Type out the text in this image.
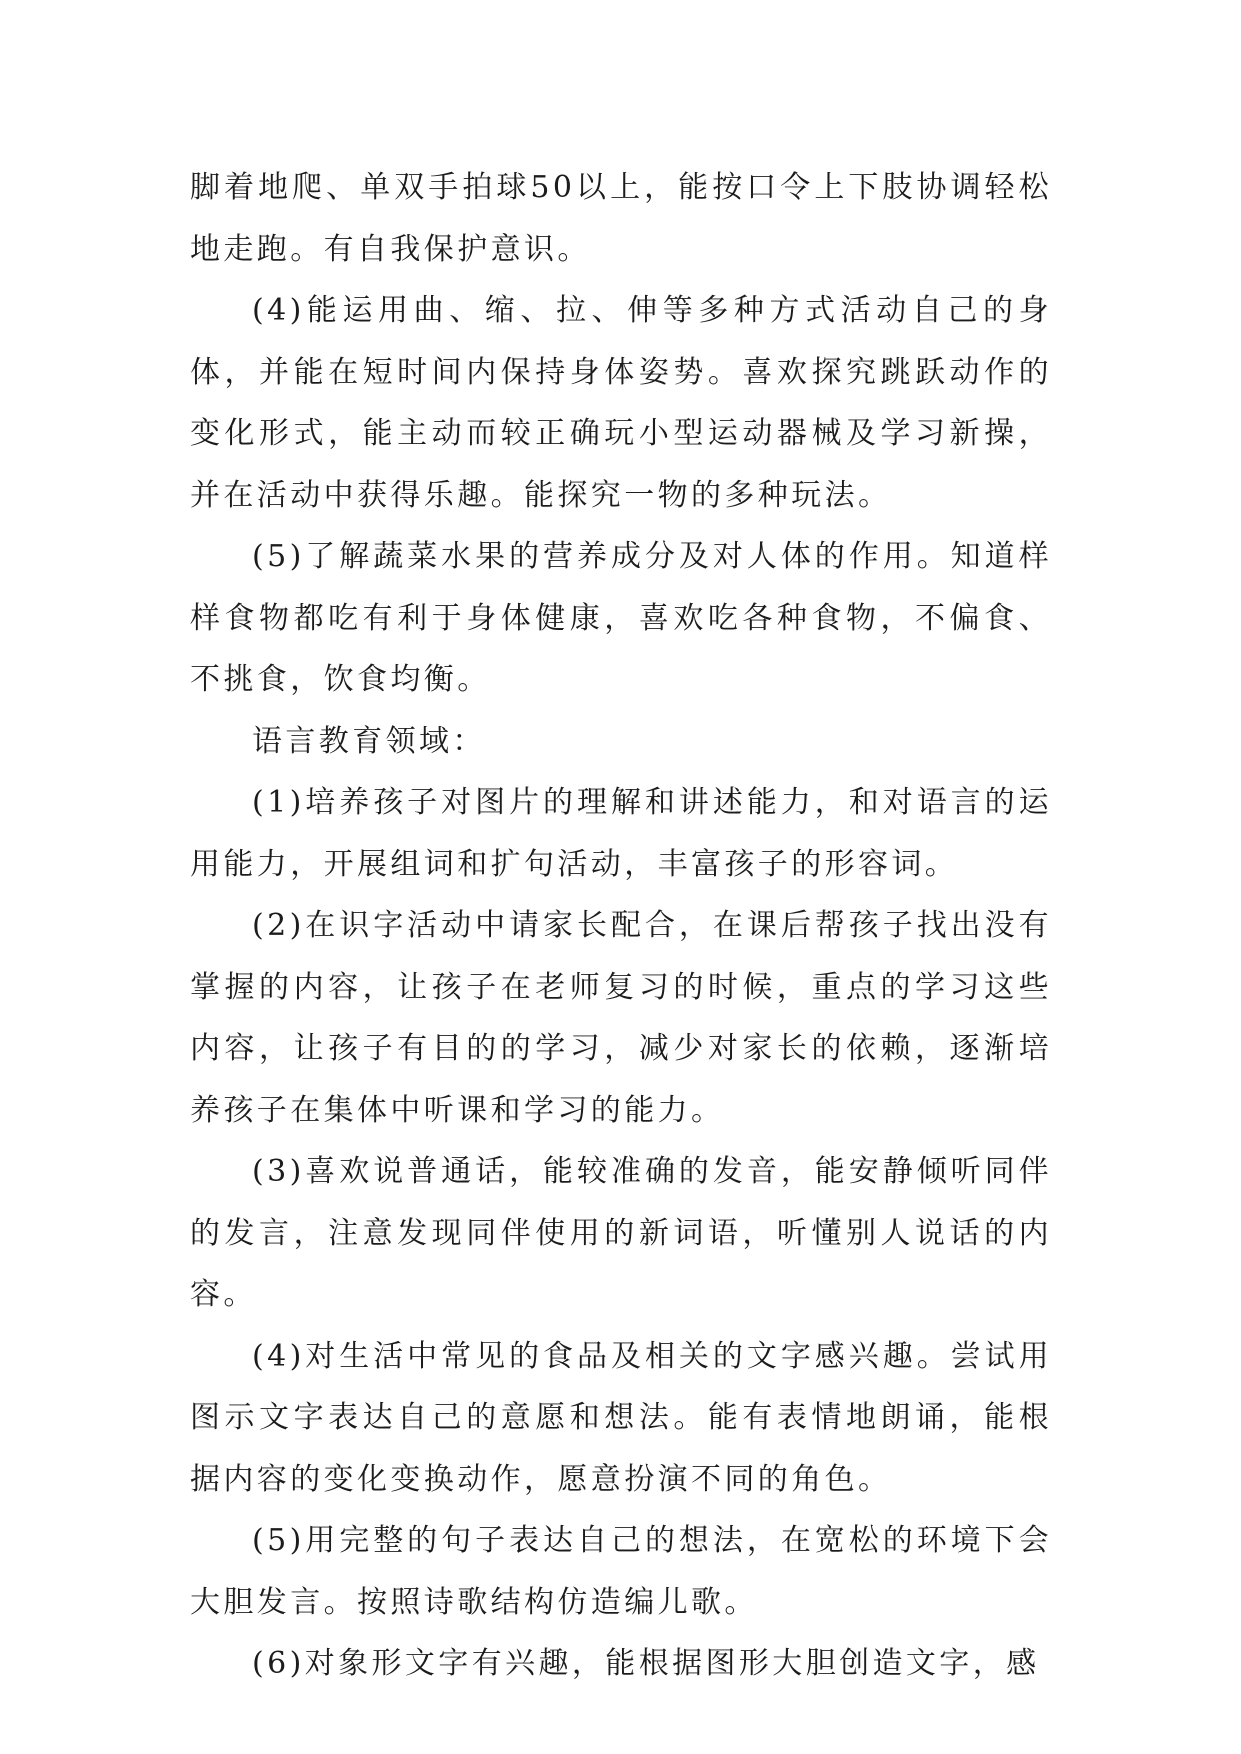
脚着地爬、单双手拍球50以上，能按口令上下肢协调轻松地走跑。有自我保护意识。

(4)能运用曲、缩、拉、伸等多种方式活动自己的身体，并能在短时间内保持身体姿势。喜欢探究跳跃动作的变化形式，能主动而较正确玩小型运动器械及学习新操，并在活动中获得乐趣。能探究一物的多种玩法。

(5)了解蔬菜水果的营养成分及对人体的作用。知道样样食物都吃有利于身体健康，喜欢吃各种食物，不偏食、不挑食，饮食均衡。

语言教育领域：

(1)培养孩子对图片的理解和讲述能力，和对语言的运用能力，开展组词和扩句活动，丰富孩子的形容词。

(2)在识字活动中请家长配合，在课后帮孩子找出没有掌握的内容，让孩子在老师复习的时候，重点的学习这些内容，让孩子有目的的学习，减少对家长的依赖，逐渐培养孩子在集体中听课和学习的能力。

(3)喜欢说普通话，能较准确的发音，能安静倾听同伴的发言，注意发现同伴使用的新词语，听懂别人说话的内容。

(4)对生活中常见的食品及相关的文字感兴趣。尝试用图示文字表达自己的意愿和想法。能有表情地朗诵，能根据内容的变化变换动作，愿意扮演不同的角色。

(5)用完整的句子表达自己的想法，在宽松的环境下会大胆发言。按照诗歌结构仿造编儿歌。

(6)对象形文字有兴趣，能根据图形大胆创造文字，感
